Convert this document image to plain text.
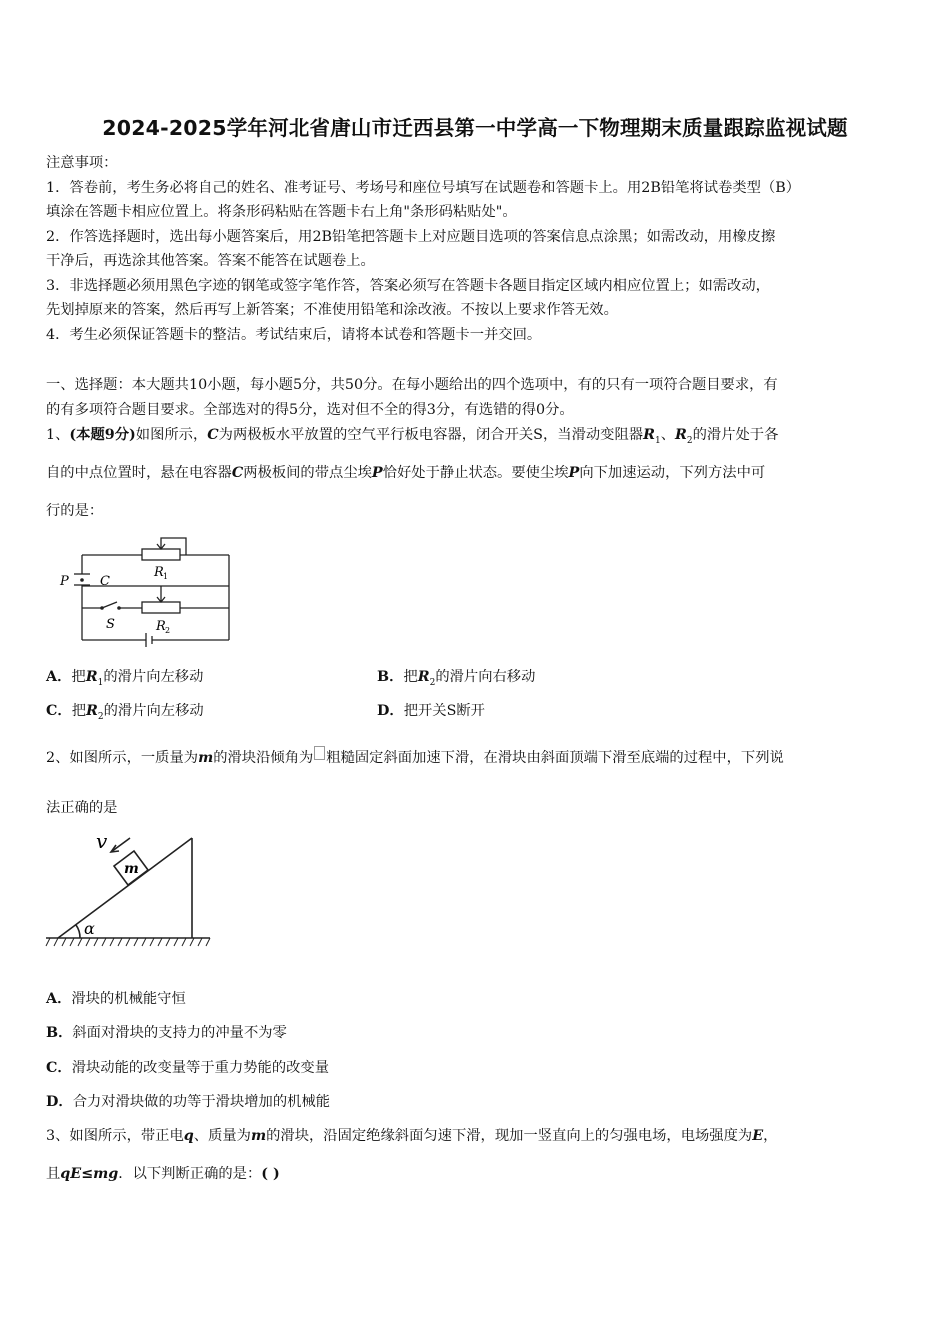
2024-2025学年河北省唐山市迁西县第一中学高一下物理期末质量跟踪监视试题
注意事项：
1．答卷前，考生务必将自己的姓名、准考证号、考场号和座位号填写在试题卷和答题卡上。用2B铅笔将试卷类型（B）
填涂在答题卡相应位置上。将条形码粘贴在答题卡右上角"条形码粘贴处"。
2．作答选择题时，选出每小题答案后，用2B铅笔把答题卡上对应题目选项的答案信息点涂黑；如需改动，用橡皮擦
干净后，再选涂其他答案。答案不能答在试题卷上。
3．非选择题必须用黑色字迹的钢笔或签字笔作答，答案必须写在答题卡各题目指定区域内相应位置上；如需改动，
先划掉原来的答案，然后再写上新答案；不准使用铅笔和涂改液。不按以上要求作答无效。
4．考生必须保证答题卡的整洁。考试结束后，请将本试卷和答题卡一并交回。
一、选择题：本大题共10小题，每小题5分，共50分。在每小题给出的四个选项中，有的只有一项符合题目要求，有
的有多项符合题目要求。全部选对的得5分，选对但不全的得3分，有选错的得0分。
1、(本题9分)如图所示，C为两极板水平放置的空气平行板电容器，闭合开关S，当滑动变阻器$R_1$、$R_2$的滑片处于各
自的中点位置时，悬在电容器C两极板间的带点尘埃P恰好处于静止状态。要使尘埃P向下加速运动，下列方法中可
行的是：
P C
S
R 1
R 2
A．把$R_1$的滑片向左移动	B．把$R_2$的滑片向右移动
C．把$R_2$的滑片向左移动	D．把开关S断开
2、如图所示，一质量为m的滑块沿倾角为 粗糙固定斜面加速下滑，在滑块由斜面顶端下滑至底端的过程中，下列说
法正确的是
v
m
α
A．滑块的机械能守恒
B．斜面对滑块的支持力的冲量不为零
C．滑块动能的改变量等于重力势能的改变量
D．合力对滑块做的功等于滑块增加的机械能
3、如图所示，带正电q、质量为m的滑块，沿固定绝缘斜面匀速下滑，现加一竖直向上的匀强电场，电场强度为E，
且qE≤mg．以下判断正确的是：( )
